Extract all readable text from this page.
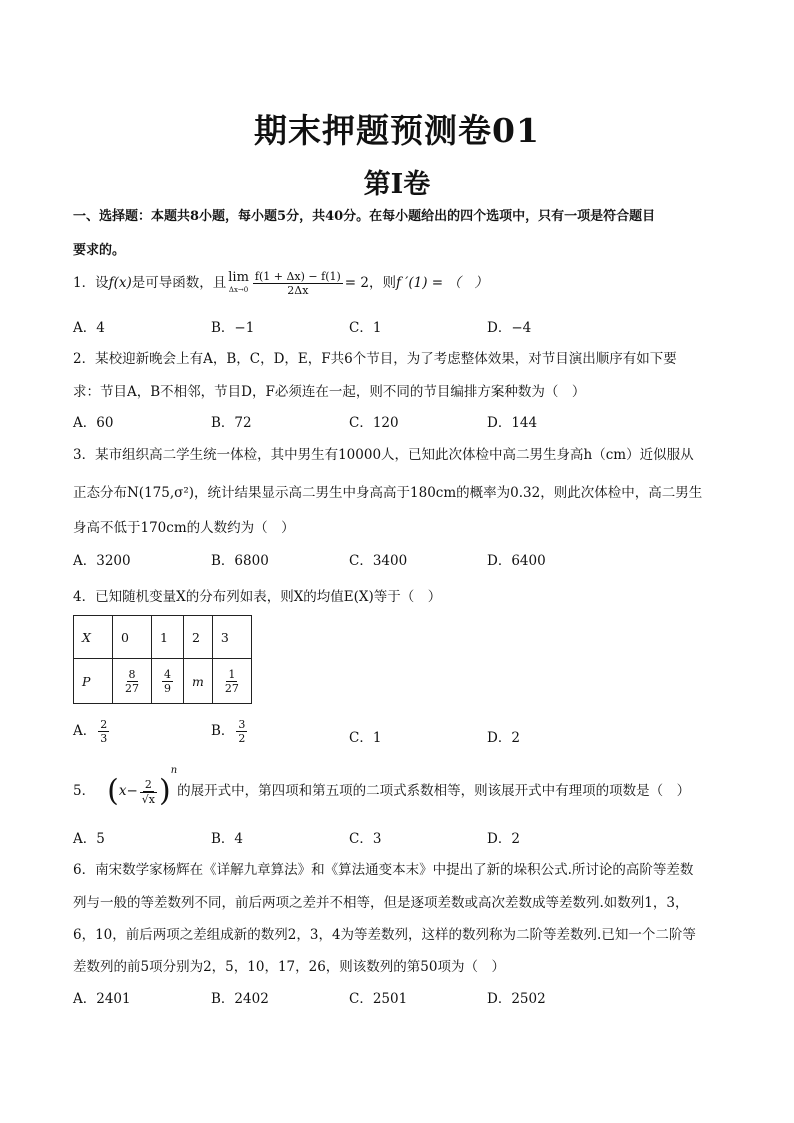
期末押题预测卷01
第I卷
一、选择题：本题共8小题，每小题5分，共40分。在每小题给出的四个选项中，只有一项是符合题目
要求的。
1．设f(x)是可导函数，且 lim
$\Delta x\to 0 \frac{f(1 + \Delta x) - f(1)}{2\Delta x} = 2$，则f ′(1) = （　）
A．4	B．−1	C．1	D．−4
2．某校迎新晚会上有A，B，C，D，E，F共6个节目，为了考虑整体效果，对节目演出顺序有如下要
求：节目A，B不相邻，节目D，F必须连在一起，则不同的节目编排方案种数为（　）
A．60	B．72	C．120	D．144
3．某市组织高二学生统一体检，其中男生有10000人，已知此次体检中高二男生身高h（cm）近似服从
正态分布N(175,σ²)，统计结果显示高二男生中身高高于180cm的概率为0.32，则此次体检中，高二男生
身高不低于170cm的人数约为（　）
A．3200	B．6800	C．3400	D．6400
4．已知随机变量X的分布列如表，则X的均值E(X)等于（　）
X	0	1	2	3
P	$\frac{8}{27}$	$\frac{4}{9}$	m	$\frac{1}{27}$
A． $\frac{2}{3}$	B． $\frac{3}{2}$	C．1	D．2
5． $(x- \frac{2}{√x} )^n$的展开式中，第四项和第五项的二项式系数相等，则该展开式中有理项的项数是（　）
A．5	B．4	C．3	D．2
6．南宋数学家杨辉在《详解九章算法》和《算法通变本末》中提出了新的垛积公式.所讨论的高阶等差数
列与一般的等差数列不同，前后两项之差并不相等，但是逐项差数或高次差数成等差数列.如数列1，3，
6，10，前后两项之差组成新的数列2，3，4为等差数列，这样的数列称为二阶等差数列.已知一个二阶等
差数列的前5项分别为2，5，10，17，26，则该数列的第50项为（　）
A．2401	B．2402	C．2501	D．2502
